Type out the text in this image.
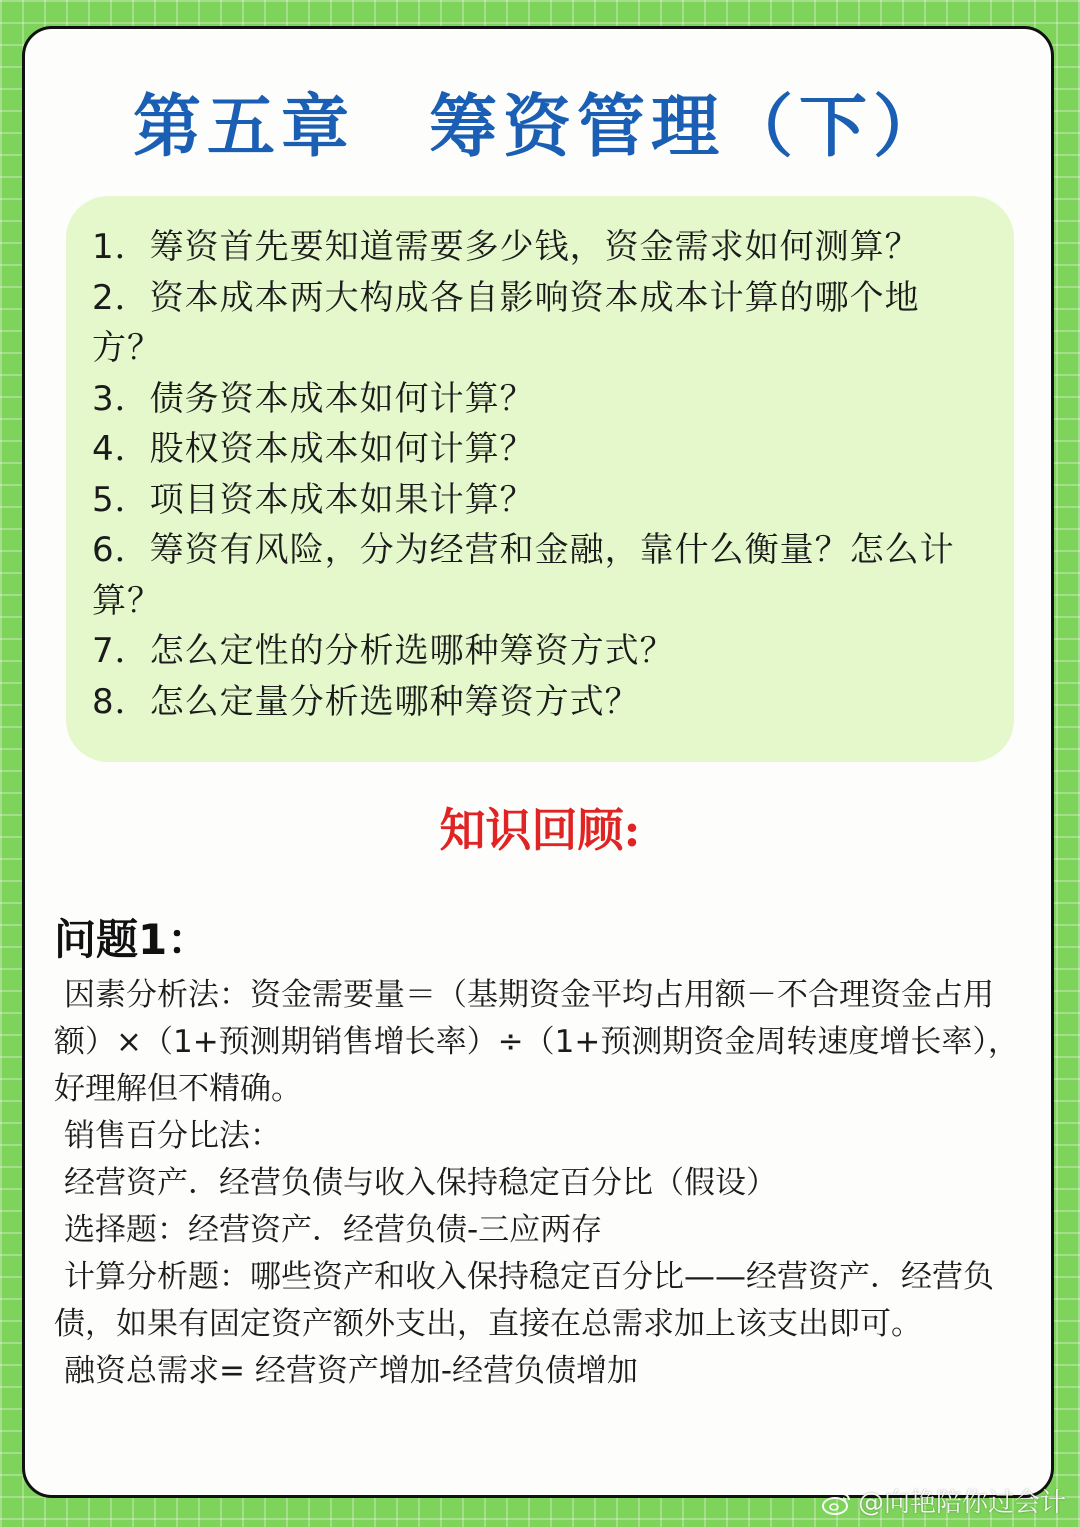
第五章　筹资管理（下）
1．筹资首先要知道需要多少钱，资金需求如何测算？
2．资本成本两大构成各自影响资本成本计算的哪个地方？
3．债务资本成本如何计算？
4．股权资本成本如何计算？
5．项目资本成本如果计算？
6．筹资有风险，分为经营和金融，靠什么衡量？怎么计算？
7．怎么定性的分析选哪种筹资方式？
8．怎么定量分析选哪种筹资方式？
知识回顾:
问题1：

因素分析法：资金需要量＝（基期资金平均占用额－不合理资金占用额）×（1+预测期销售增长率）÷（1+预测期资金周转速度增长率），好理解但不精确。

销售百分比法：

经营资产．经营负债与收入保持稳定百分比（假设）

选择题：经营资产．经营负债-三应两存

计算分析题：哪些资产和收入保持稳定百分比——经营资产．经营负债，如果有固定资产额外支出，直接在总需求加上该支出即可。

融资总需求= 经营资产增加-经营负债增加

@向艳陪你过会计
